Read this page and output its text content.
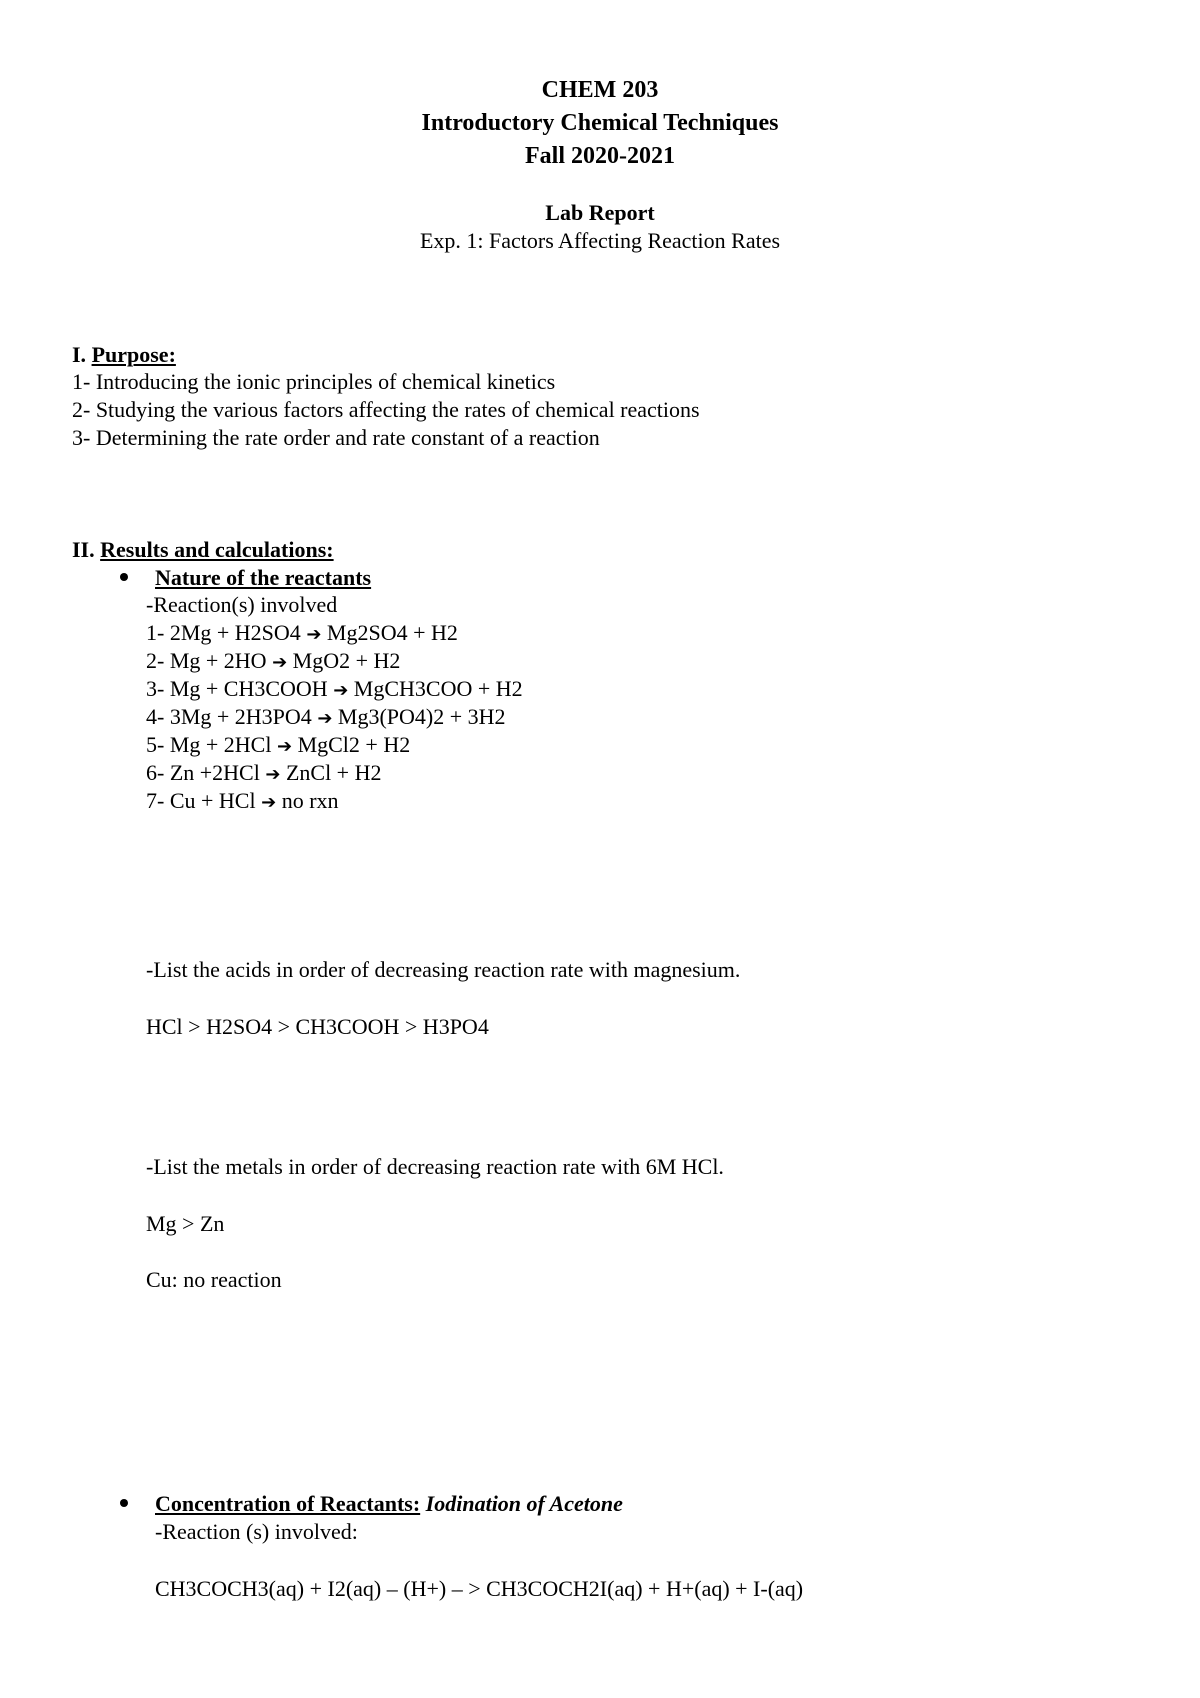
CHEM 203
Introductory Chemical Techniques
Fall 2020-2021
Lab Report
Exp. 1: Factors Affecting Reaction Rates
I. Purpose:
1- Introducing the ionic principles of chemical kinetics
2- Studying the various factors affecting the rates of chemical reactions
3- Determining the rate order and rate constant of a reaction
II. Results and calculations:
Nature of the reactants
-Reaction(s) involved
1- 2Mg + H2SO4 ➔ Mg2SO4 + H2
2- Mg + 2HO ➔ MgO2 + H2
3- Mg + CH3COOH ➔ MgCH3COO + H2
4- 3Mg + 2H3PO4 ➔ Mg3(PO4)2 + 3H2
5- Mg + 2HCl ➔ MgCl2 + H2
6- Zn +2HCl ➔ ZnCl + H2
7- Cu + HCl ➔ no rxn
-List the acids in order of decreasing reaction rate with magnesium.
HCl > H2SO4 > CH3COOH > H3PO4
-List the metals in order of decreasing reaction rate with 6M HCl.
Mg > Zn
Cu: no reaction
Concentration of Reactants: Iodination of Acetone
-Reaction (s) involved:
CH3COCH3(aq) + I2(aq) – (H+) – > CH3COCH2I(aq) + H+(aq) + I-(aq)
